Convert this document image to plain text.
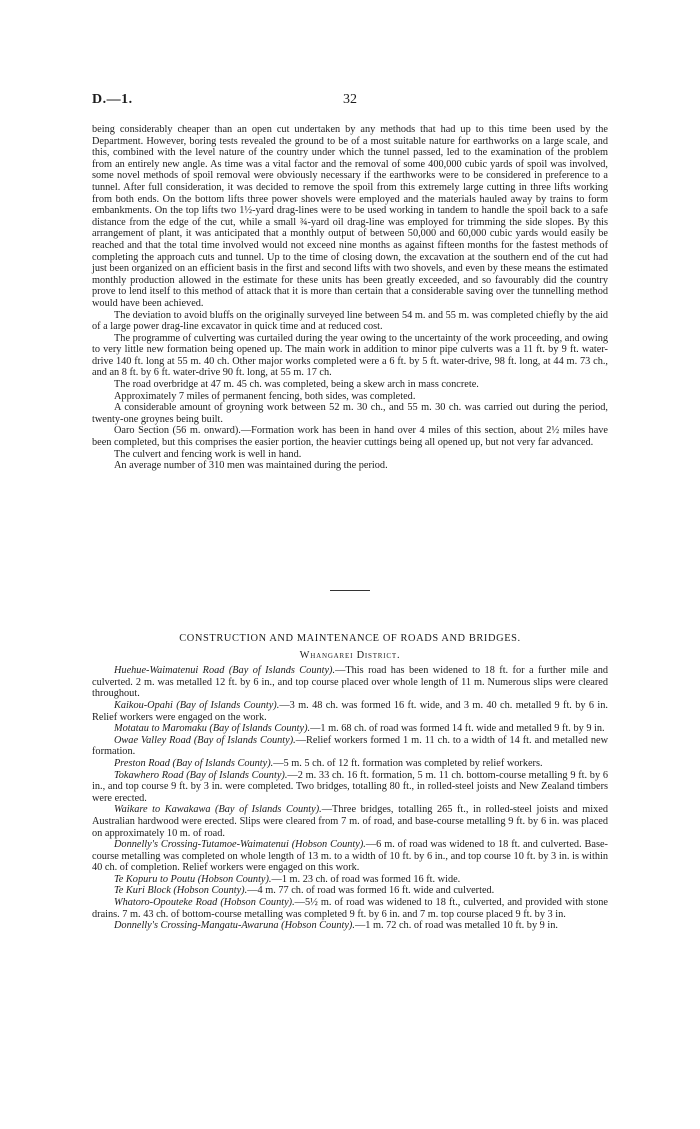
D.—1.	32

being considerably cheaper than an open cut undertaken by any methods that had up to this time been used by the Department. However, boring tests revealed the ground to be of a most suitable nature for earthworks on a large scale, and this, combined with the level nature of the country under which the tunnel passed, led to the examination of the problem from an entirely new angle. As time was a vital factor and the removal of some 400,000 cubic yards of spoil was involved, some novel methods of spoil removal were obviously necessary if the earthworks were to be considered in preference to a tunnel. After full consideration, it was decided to remove the spoil from this extremely large cutting in three lifts working from both ends. On the bottom lifts three power shovels were employed and the materials hauled away by trains to form embankments. On the top lifts two 1½-yard drag-lines were to be used working in tandem to handle the spoil back to a safe distance from the edge of the cut, while a small ¾-yard oil drag-line was employed for trimming the side slopes. By this arrangement of plant, it was anticipated that a monthly output of between 50,000 and 60,000 cubic yards would easily be reached and that the total time involved would not exceed nine months as against fifteen months for the fastest methods of completing the approach cuts and tunnel. Up to the time of closing down, the excavation at the southern end of the cut had just been organized on an efficient basis in the first and second lifts with two shovels, and even by these means the estimated monthly production allowed in the estimate for these units has been greatly exceeded, and so favourably did the country prove to lend itself to this method of attack that it is more than certain that a considerable saving over the tunnelling method would have been achieved.

The deviation to avoid bluffs on the originally surveyed line between 54 m. and 55 m. was completed chiefly by the aid of a large power drag-line excavator in quick time and at reduced cost.

The programme of culverting was curtailed during the year owing to the uncertainty of the work proceeding, and owing to very little new formation being opened up. The main work in addition to minor pipe culverts was a 11 ft. by 9 ft. water-drive 140 ft. long at 55 m. 40 ch. Other major works completed were a 6 ft. by 5 ft. water-drive, 98 ft. long, at 44 m. 73 ch., and an 8 ft. by 6 ft. water-drive 90 ft. long, at 55 m. 17 ch.

The road overbridge at 47 m. 45 ch. was completed, being a skew arch in mass concrete.

Approximately 7 miles of permanent fencing, both sides, was completed.

A considerable amount of groyning work between 52 m. 30 ch., and 55 m. 30 ch. was carried out during the period, twenty-one groynes being built.

Oaro Section (56 m. onward).—Formation work has been in hand over 4 miles of this section, about 2½ miles have been completed, but this comprises the easier portion, the heavier cuttings being all opened up, but not very far advanced.

The culvert and fencing work is well in hand.

An average number of 310 men was maintained during the period.

CONSTRUCTION AND MAINTENANCE OF ROADS AND BRIDGES.
Whangarei District.

Huehue-Waimatenui Road (Bay of Islands County).—This road has been widened to 18 ft. for a further mile and culverted. 2 m. was metalled 12 ft. by 6 in., and top course placed over whole length of 11 m. Numerous slips were cleared throughout.

Kaikou-Opahi (Bay of Islands County).—3 m. 48 ch. was formed 16 ft. wide, and 3 m. 40 ch. metalled 9 ft. by 6 in. Relief workers were engaged on the work.

Motatau to Maromaku (Bay of Islands County).—1 m. 68 ch. of road was formed 14 ft. wide and metalled 9 ft. by 9 in.

Owae Valley Road (Bay of Islands County).—Relief workers formed 1 m. 11 ch. to a width of 14 ft. and metalled new formation.

Preston Road (Bay of Islands County).—5 m. 5 ch. of 12 ft. formation was completed by relief workers.

Tokawhero Road (Bay of Islands County).—2 m. 33 ch. 16 ft. formation, 5 m. 11 ch. bottom-course metalling 9 ft. by 6 in., and top course 9 ft. by 3 in. were completed. Two bridges, totalling 80 ft., in rolled-steel joists and New Zealand timbers were erected.

Waikare to Kawakawa (Bay of Islands County).—Three bridges, totalling 265 ft., in rolled-steel joists and mixed Australian hardwood were erected. Slips were cleared from 7 m. of road, and base-course metalling 9 ft. by 6 in. was placed on approximately 10 m. of road.

Donnelly's Crossing-Tutamoe-Waimatenui (Hobson County).—6 m. of road was widened to 18 ft. and culverted. Base-course metalling was completed on whole length of 13 m. to a width of 10 ft. by 6 in., and top course 10 ft. by 3 in. is within 40 ch. of completion. Relief workers were engaged on this work.

Te Kopuru to Poutu (Hobson County).—1 m. 23 ch. of road was formed 16 ft. wide.

Te Kuri Block (Hobson County).—4 m. 77 ch. of road was formed 16 ft. wide and culverted.

Whatoro-Opouteke Road (Hobson County).—5½ m. of road was widened to 18 ft., culverted, and provided with stone drains. 7 m. 43 ch. of bottom-course metalling was completed 9 ft. by 6 in. and 7 m. top course placed 9 ft. by 3 in.

Donnelly's Crossing-Mangatu-Awaruna (Hobson County).—1 m. 72 ch. of road was metalled 10 ft. by 9 in.
